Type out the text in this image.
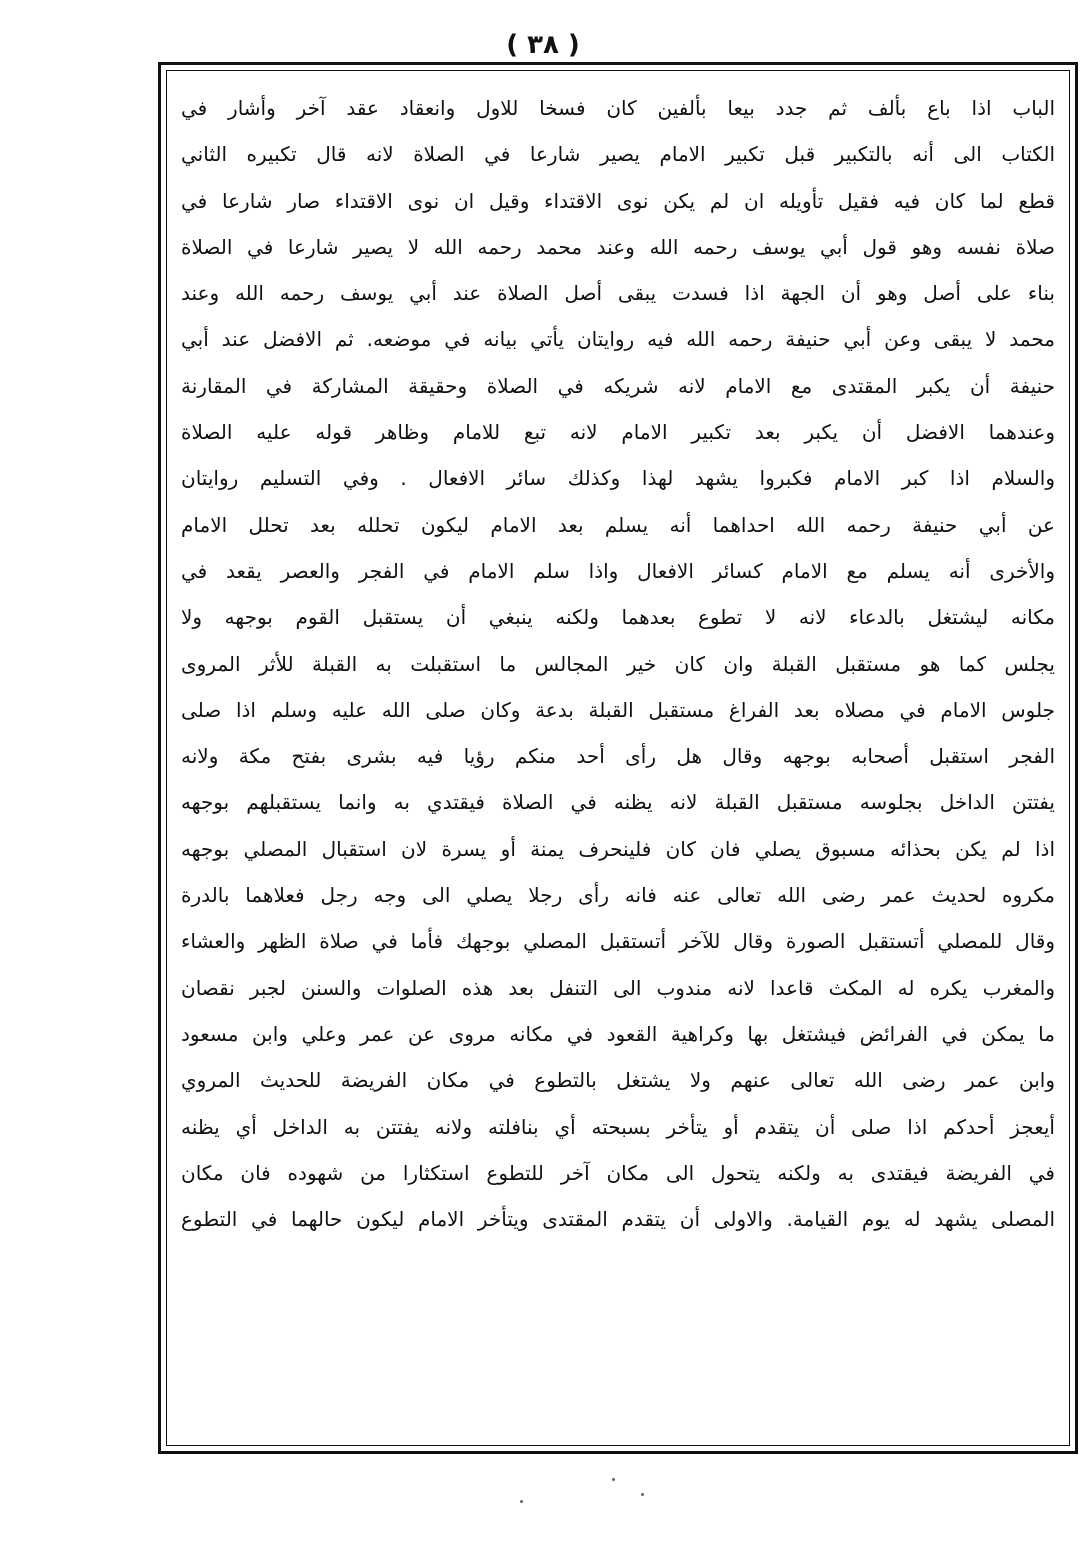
( ٣٨ )
الباب اذا باع بألف ثم جدد بيعا بألفين كان فسخا للاول وانعقاد عقد آخر وأشار في
الكتاب الى أنه بالتكبير قبل تكبير الامام يصير شارعا في الصلاة لانه قال تكبيره الثاني
قطع لما كان فيه فقيل تأويله ان لم يكن نوى الاقتداء وقيل ان نوى الاقتداء صار شارعا في
صلاة نفسه وهو قول أبي يوسف رحمه الله وعند محمد رحمه الله لا يصير شارعا في الصلاة
بناء على أصل وهو أن الجهة اذا فسدت يبقى أصل الصلاة عند أبي يوسف رحمه الله وعند
محمد لا يبقى وعن أبي حنيفة رحمه الله فيه روايتان يأتي بيانه في موضعه. ثم الافضل عند أبي
حنيفة أن يكبر المقتدى مع الامام لانه شريكه في الصلاة وحقيقة المشاركة في المقارنة
وعندهما الافضل أن يكبر بعد تكبير الامام لانه تبع للامام وظاهر قوله عليه الصلاة
والسلام اذا كبر الامام فكبروا يشهد لهذا وكذلك سائر الافعال . وفي التسليم روايتان
عن أبي حنيفة رحمه الله احداهما أنه يسلم بعد الامام ليكون تحلله بعد تحلل الامام
والأخرى أنه يسلم مع الامام كسائر الافعال واذا سلم الامام في الفجر والعصر يقعد في
مكانه ليشتغل بالدعاء لانه لا تطوع بعدهما ولكنه ينبغي أن يستقبل القوم بوجهه ولا
يجلس كما هو مستقبل القبلة وان كان خير المجالس ما استقبلت به القبلة للأثر المروى
جلوس الامام في مصلاه بعد الفراغ مستقبل القبلة بدعة وكان صلى الله عليه وسلم اذا صلى
الفجر استقبل أصحابه بوجهه وقال هل رأى أحد منكم رؤيا فيه بشرى بفتح مكة ولانه
يفتتن الداخل بجلوسه مستقبل القبلة لانه يظنه في الصلاة فيقتدي به وانما يستقبلهم بوجهه
اذا لم يكن بحذائه مسبوق يصلي فان كان فلينحرف يمنة أو يسرة لان استقبال المصلي بوجهه
مكروه لحديث عمر رضى الله تعالى عنه فانه رأى رجلا يصلي الى وجه رجل فعلاهما بالدرة
وقال للمصلي أتستقبل الصورة وقال للآخر أتستقبل المصلي بوجهك فأما في صلاة الظهر والعشاء
والمغرب يكره له المكث قاعدا لانه مندوب الى التنفل بعد هذه الصلوات والسنن لجبر نقصان
ما يمكن في الفرائض فيشتغل بها وكراهية القعود في مكانه مروى عن عمر وعلي وابن مسعود
وابن عمر رضى الله تعالى عنهم ولا يشتغل بالتطوع في مكان الفريضة للحديث المروي
أيعجز أحدكم اذا صلى أن يتقدم أو يتأخر بسبحته أي بنافلته ولانه يفتتن به الداخل أي يظنه
في الفريضة فيقتدى به ولكنه يتحول الى مكان آخر للتطوع استكثارا من شهوده فان مكان
المصلى يشهد له يوم القيامة. والاولى أن يتقدم المقتدى ويتأخر الامام ليكون حالهما في التطوع
